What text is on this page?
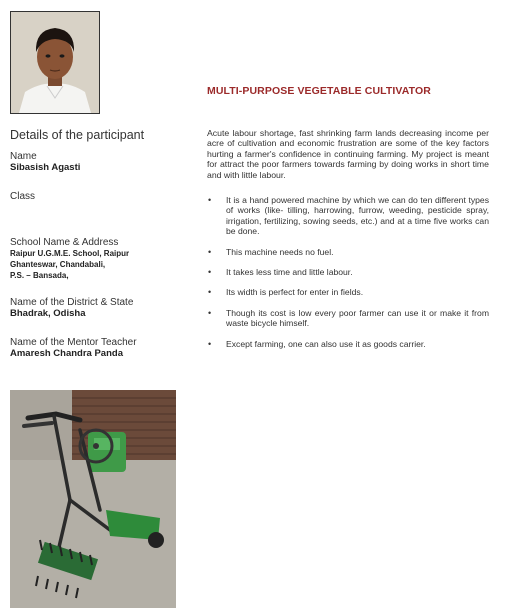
Details of the participant
Name
Sibasish Agasti
Class
School Name & Address
Raipur U.G.M.E. School, Raipur
Ghanteswar, Chandabali,
P.S. – Bansada,
Name of the District & State
Bhadrak, Odisha
Name of the Mentor Teacher
Amaresh Chandra Panda
MULTI-PURPOSE VEGETABLE CULTIVATOR
Acute labour shortage, fast shrinking farm lands decreasing income per acre of cultivation and economic frustration are some of the key factors hurting a farmer's confidence in continuing farming. My project is meant for attract the poor farmers towards farming by doing works in short time and with little labour.
• It is a hand powered machine by which we can do ten different types of works (like- tilling, harrowing, furrow, weeding, pesticide spray, irrigation, fertilizing, sowing seeds, etc.) and at a time five works can be done.
• This machine needs no fuel.
• It takes less time and little labour.
• Its width is perfect for enter in fields.
• Though its cost is low every poor farmer can use it or make it from waste bicycle himself.
• Except farming, one can also use it as goods carrier.
